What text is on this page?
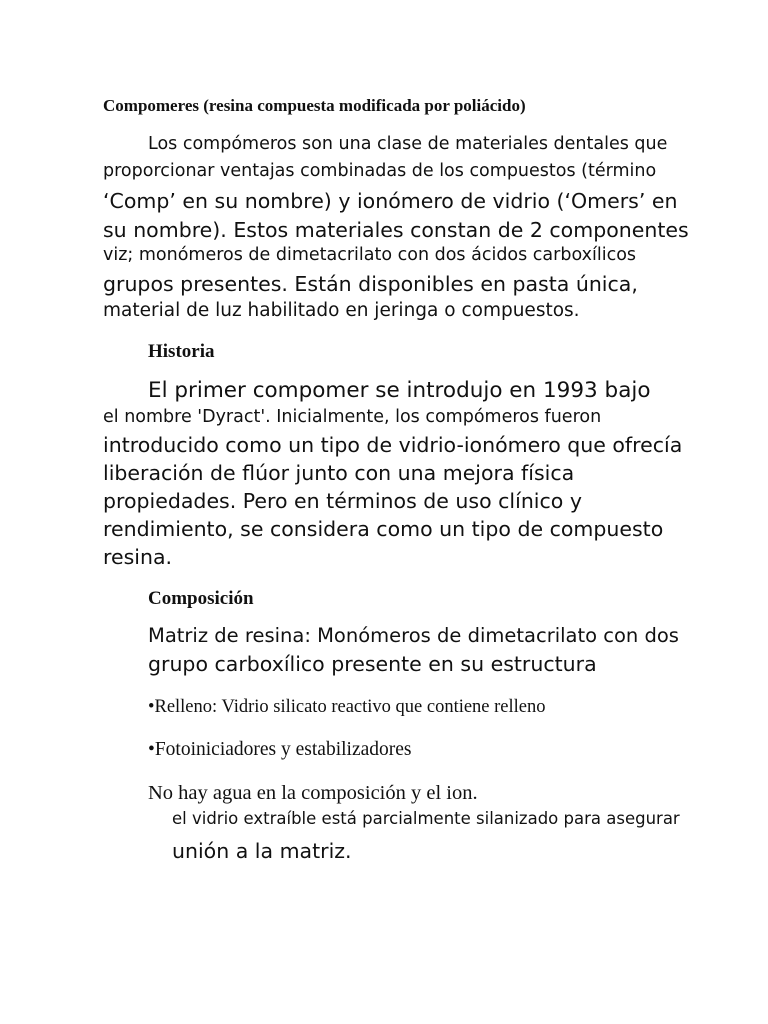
Compomeres (resina compuesta modificada por poliácido)
Los compómeros son una clase de materiales dentales que
proporcionar ventajas combinadas de los compuestos (término
‘Comp’ en su nombre) y ionómero de vidrio (‘Omers’ en
su nombre). Estos materiales constan de 2 componentes
viz; monómeros de dimetacrilato con dos ácidos carboxílicos
grupos presentes. Están disponibles en pasta única,
material de luz habilitado en jeringa o compuestos.
Historia
El primer compomer se introdujo en 1993 bajo
el nombre 'Dyract'. Inicialmente, los compómeros fueron
introducido como un tipo de vidrio-ionómero que ofrecía
liberación de flúor junto con una mejora física
propiedades. Pero en términos de uso clínico y
rendimiento, se considera como un tipo de compuesto
resina.
Composición
Matriz de resina: Monómeros de dimetacrilato con dos
grupo carboxílico presente en su estructura
•Relleno: Vidrio silicato reactivo que contiene relleno
•Fotoiniciadores y estabilizadores
No hay agua en la composición y el ion.
el vidrio extraíble está parcialmente silanizado para asegurar
unión a la matriz.
